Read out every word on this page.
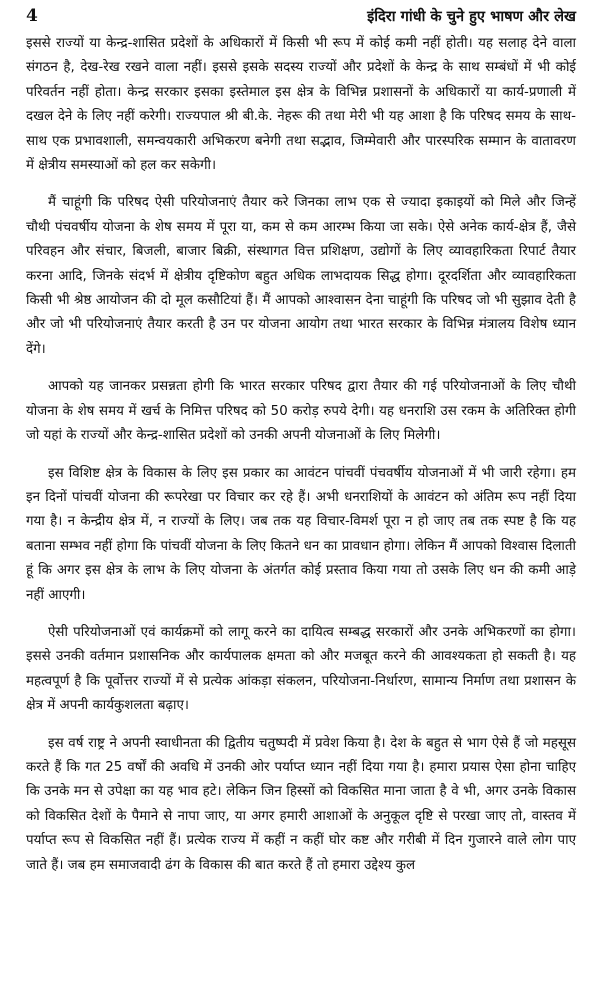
4	इंदिरा गांधी के चुने हुए भाषण और लेख

इससे राज्यों या केन्द्र-शासित प्रदेशों के अधिकारों में किसी भी रूप में कोई कमी नहीं होती। यह सलाह देने वाला संगठन है, देख-रेख रखने वाला नहीं। इससे इसके सदस्य राज्यों और प्रदेशों के केन्द्र के साथ सम्बंधों में भी कोई परिवर्तन नहीं होता। केन्द्र सरकार इसका इस्तेमाल इस क्षेत्र के विभिन्न प्रशासनों के अधिकारों या कार्य-प्रणाली में दखल देने के लिए नहीं करेगी। राज्यपाल श्री बी.के. नेहरू की तथा मेरी भी यह आशा है कि परिषद समय के साथ-साथ एक प्रभावशाली, समन्वयकारी अभिकरण बनेगी तथा सद्भाव, जिम्मेवारी और पारस्परिक सम्मान के वातावरण में क्षेत्रीय समस्याओं को हल कर सकेगी।

मैं चाहूंगी कि परिषद ऐसी परियोजनाएं तैयार करे जिनका लाभ एक से ज्यादा इकाइयों को मिले और जिन्हें चौथी पंचवर्षीय योजना के शेष समय में पूरा या, कम से कम आरम्भ किया जा सके। ऐसे अनेक कार्य-क्षेत्र हैं, जैसे परिवहन और संचार, बिजली, बाजार बिक्री, संस्थागत वित्त प्रशिक्षण, उद्योगों के लिए व्यावहारिकता रिपार्ट तैयार करना आदि, जिनके संदर्भ में क्षेत्रीय दृष्टिकोण बहुत अधिक लाभदायक सिद्ध होगा। दूरदर्शिता और व्यावहारिकता किसी भी श्रेष्ठ आयोजन की दो मूल कसौटियां हैं। मैं आपको आश्वासन देना चाहूंगी कि परिषद जो भी सुझाव देती है और जो भी परियोजनाएं तैयार करती है उन पर योजना आयोग तथा भारत सरकार के विभिन्न मंत्रालय विशेष ध्यान देंगे।

आपको यह जानकर प्रसन्नता होगी कि भारत सरकार परिषद द्वारा तैयार की गई परियोजनाओं के लिए चौथी योजना के शेष समय में खर्च के निमित्त परिषद को 50 करोड़ रुपये देगी। यह धनराशि उस रकम के अतिरिक्त होगी जो यहां के राज्यों और केन्द्र-शासित प्रदेशों को उनकी अपनी योजनाओं के लिए मिलेगी।

इस विशिष्ट क्षेत्र के विकास के लिए इस प्रकार का आवंटन पांचवीं पंचवर्षीय योजनाओं में भी जारी रहेगा। हम इन दिनों पांचवीं योजना की रूपरेखा पर विचार कर रहे हैं। अभी धनराशियों के आवंटन को अंतिम रूप नहीं दिया गया है। न केन्द्रीय क्षेत्र में, न राज्यों के लिए। जब तक यह विचार-विमर्श पूरा न हो जाए तब तक स्पष्ट है कि यह बताना सम्भव नहीं होगा कि पांचवीं योजना के लिए कितने धन का प्रावधान होगा। लेकिन मैं आपको विश्वास दिलाती हूं कि अगर इस क्षेत्र के लाभ के लिए योजना के अंतर्गत कोई प्रस्ताव किया गया तो उसके लिए धन की कमी आड़े नहीं आएगी।

ऐसी परियोजनाओं एवं कार्यक्रमों को लागू करने का दायित्व सम्बद्ध सरकारों और उनके अभिकरणों का होगा। इससे उनकी वर्तमान प्रशासनिक और कार्यपालक क्षमता को और मजबूत करने की आवश्यकता हो सकती है। यह महत्वपूर्ण है कि पूर्वोत्तर राज्यों में से प्रत्येक आंकड़ा संकलन, परियोजना-निर्धारण, सामान्य निर्माण तथा प्रशासन के क्षेत्र में अपनी कार्यकुशलता बढ़ाए।

इस वर्ष राष्ट्र ने अपनी स्वाधीनता की द्वितीय चतुष्पदी में प्रवेश किया है। देश के बहुत से भाग ऐसे हैं जो महसूस करते हैं कि गत 25 वर्षों की अवधि में उनकी ओर पर्याप्त ध्यान नहीं दिया गया है। हमारा प्रयास ऐसा होना चाहिए कि उनके मन से उपेक्षा का यह भाव हटे। लेकिन जिन हिस्सों को विकसित माना जाता है वे भी, अगर उनके विकास को विकसित देशों के पैमाने से नापा जाए, या अगर हमारी आशाओं के अनुकूल दृष्टि से परखा जाए तो, वास्तव में पर्याप्त रूप से विकसित नहीं हैं। प्रत्येक राज्य में कहीं न कहीं घोर कष्ट और गरीबी में दिन गुजारने वाले लोग पाए जाते हैं। जब हम समाजवादी ढंग के विकास की बात करते हैं तो हमारा उद्देश्य कुल
